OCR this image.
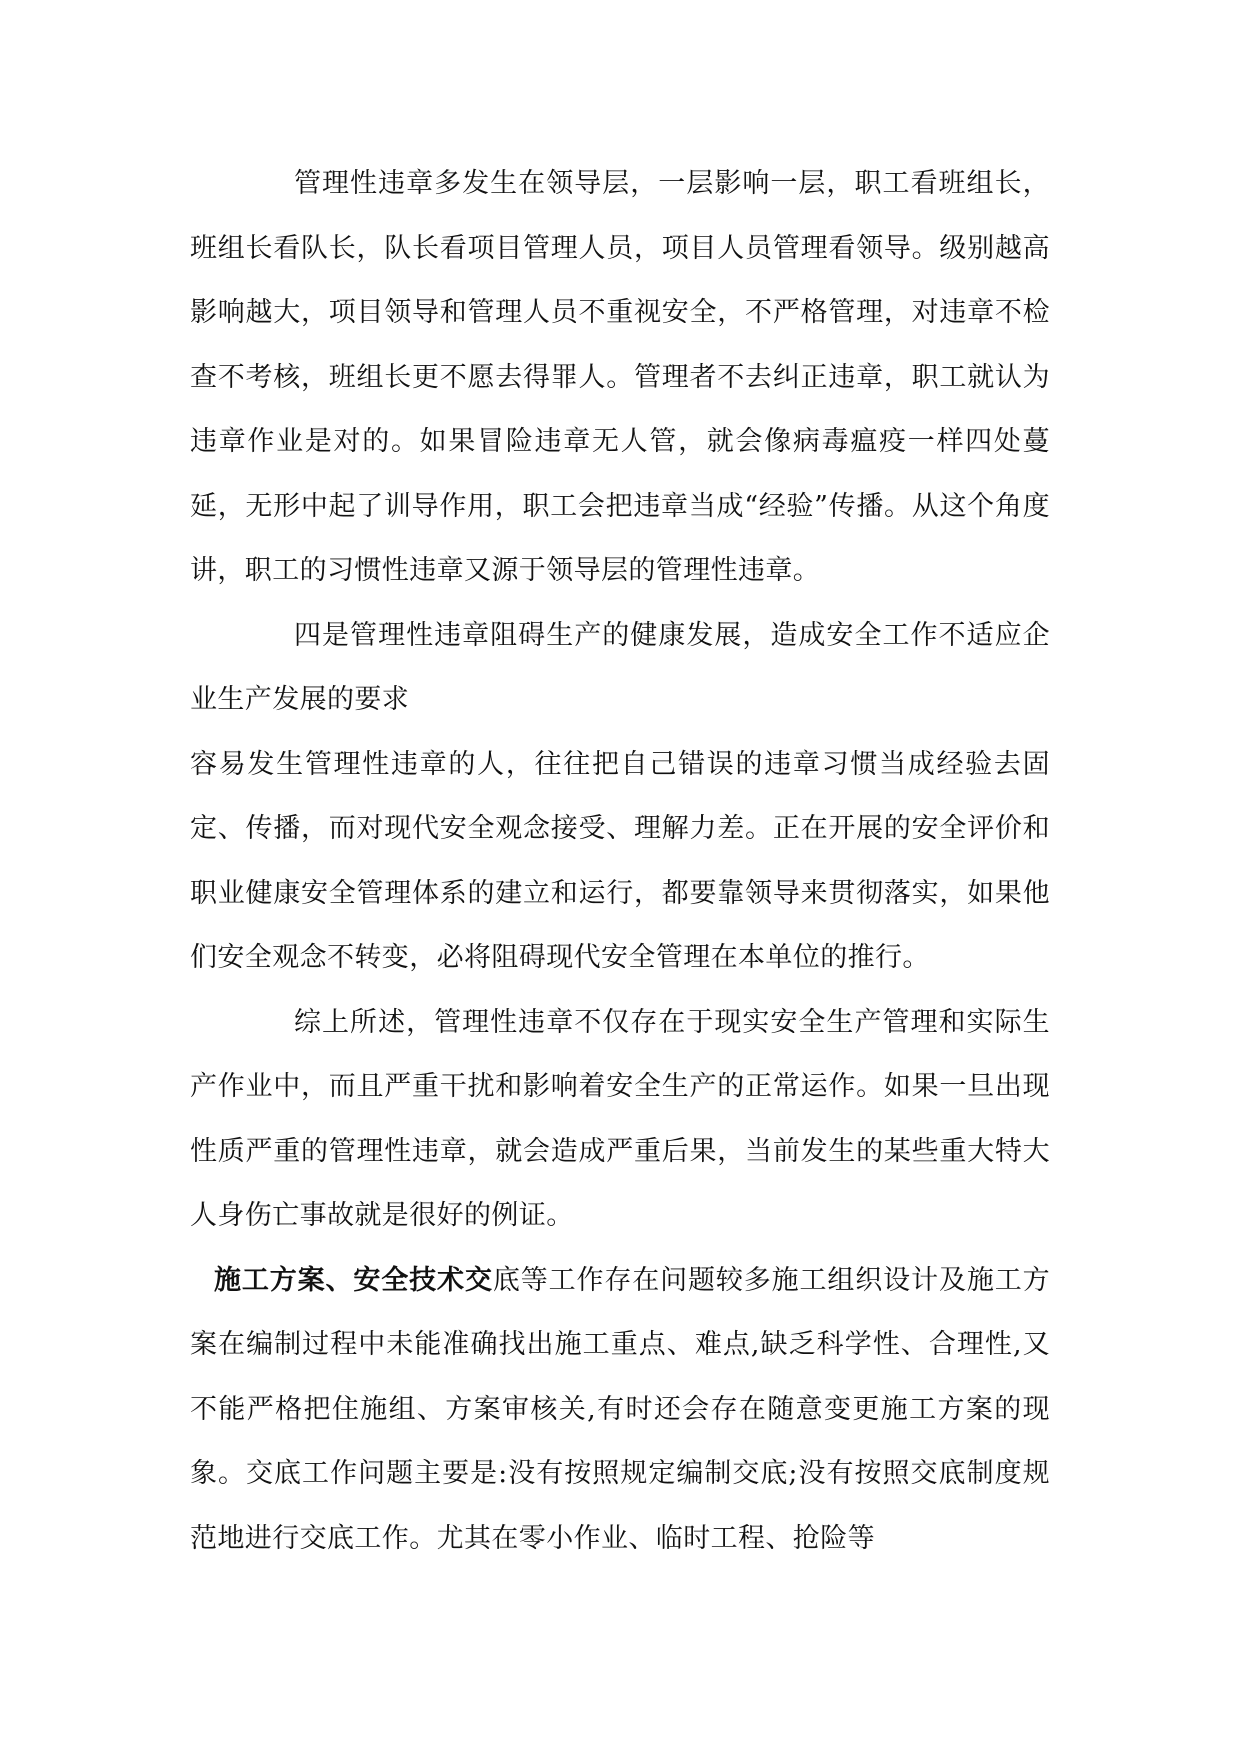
管理性违章多发生在领导层，一层影响一层，职工看班组长，班组长看队长，队长看项目管理人员，项目人员管理看领导。级别越高影响越大，项目领导和管理人员不重视安全，不严格管理，对违章不检查不考核，班组长更不愿去得罪人。管理者不去纠正违章，职工就认为违章作业是对的。如果冒险违章无人管，就会像病毒瘟疫一样四处蔓延，无形中起了训导作用，职工会把违章当成“经验”传播。从这个角度讲，职工的习惯性违章又源于领导层的管理性违章。

四是管理性违章阻碍生产的健康发展，造成安全工作不适应企业生产发展的要求

容易发生管理性违章的人，往往把自己错误的违章习惯当成经验去固定、传播，而对现代安全观念接受、理解力差。正在开展的安全评价和职业健康安全管理体系的建立和运行，都要靠领导来贯彻落实，如果他们安全观念不转变，必将阻碍现代安全管理在本单位的推行。

综上所述，管理性违章不仅存在于现实安全生产管理和实际生产作业中，而且严重干扰和影响着安全生产的正常运作。如果一旦出现性质严重的管理性违章，就会造成严重后果，当前发生的某些重大特大人身伤亡事故就是很好的例证。

施工方案、安全技术交底等工作存在问题较多施工组织设计及施工方案在编制过程中未能准确找出施工重点、难点,缺乏科学性、合理性,又不能严格把住施组、方案审核关,有时还会存在随意变更施工方案的现象。交底工作问题主要是:没有按照规定编制交底;没有按照交底制度规范地进行交底工作。尤其在零小作业、临时工程、抢险等
